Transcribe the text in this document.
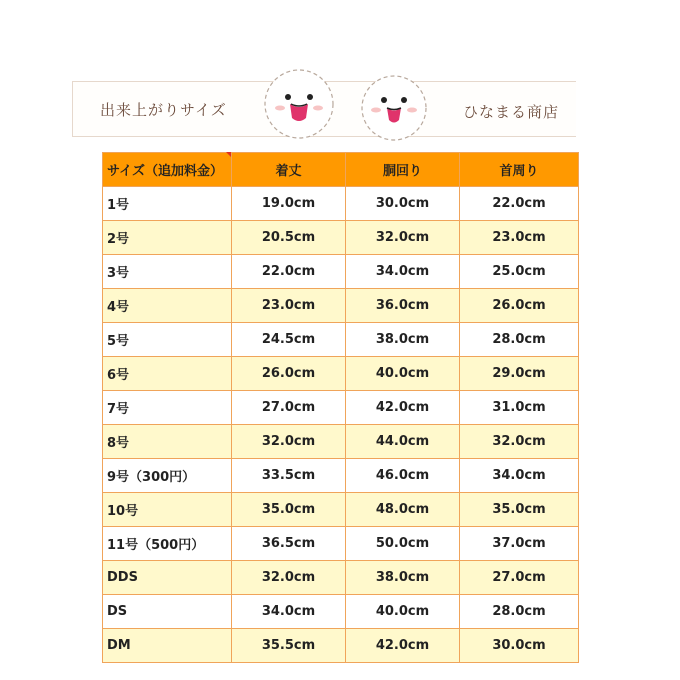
出来上がりサイズ	ひなまる商店
サイズ（追加料金）	着丈	胴回り	首周り
1号	19.0cm	30.0cm	22.0cm
2号	20.5cm	32.0cm	23.0cm
3号	22.0cm	34.0cm	25.0cm
4号	23.0cm	36.0cm	26.0cm
5号	24.5cm	38.0cm	28.0cm
6号	26.0cm	40.0cm	29.0cm
7号	27.0cm	42.0cm	31.0cm
8号	32.0cm	44.0cm	32.0cm
9号（300円）	33.5cm	46.0cm	34.0cm
10号	35.0cm	48.0cm	35.0cm
11号（500円）	36.5cm	50.0cm	37.0cm
DDS	32.0cm	38.0cm	27.0cm
DS	34.0cm	40.0cm	28.0cm
DM	35.5cm	42.0cm	30.0cm
